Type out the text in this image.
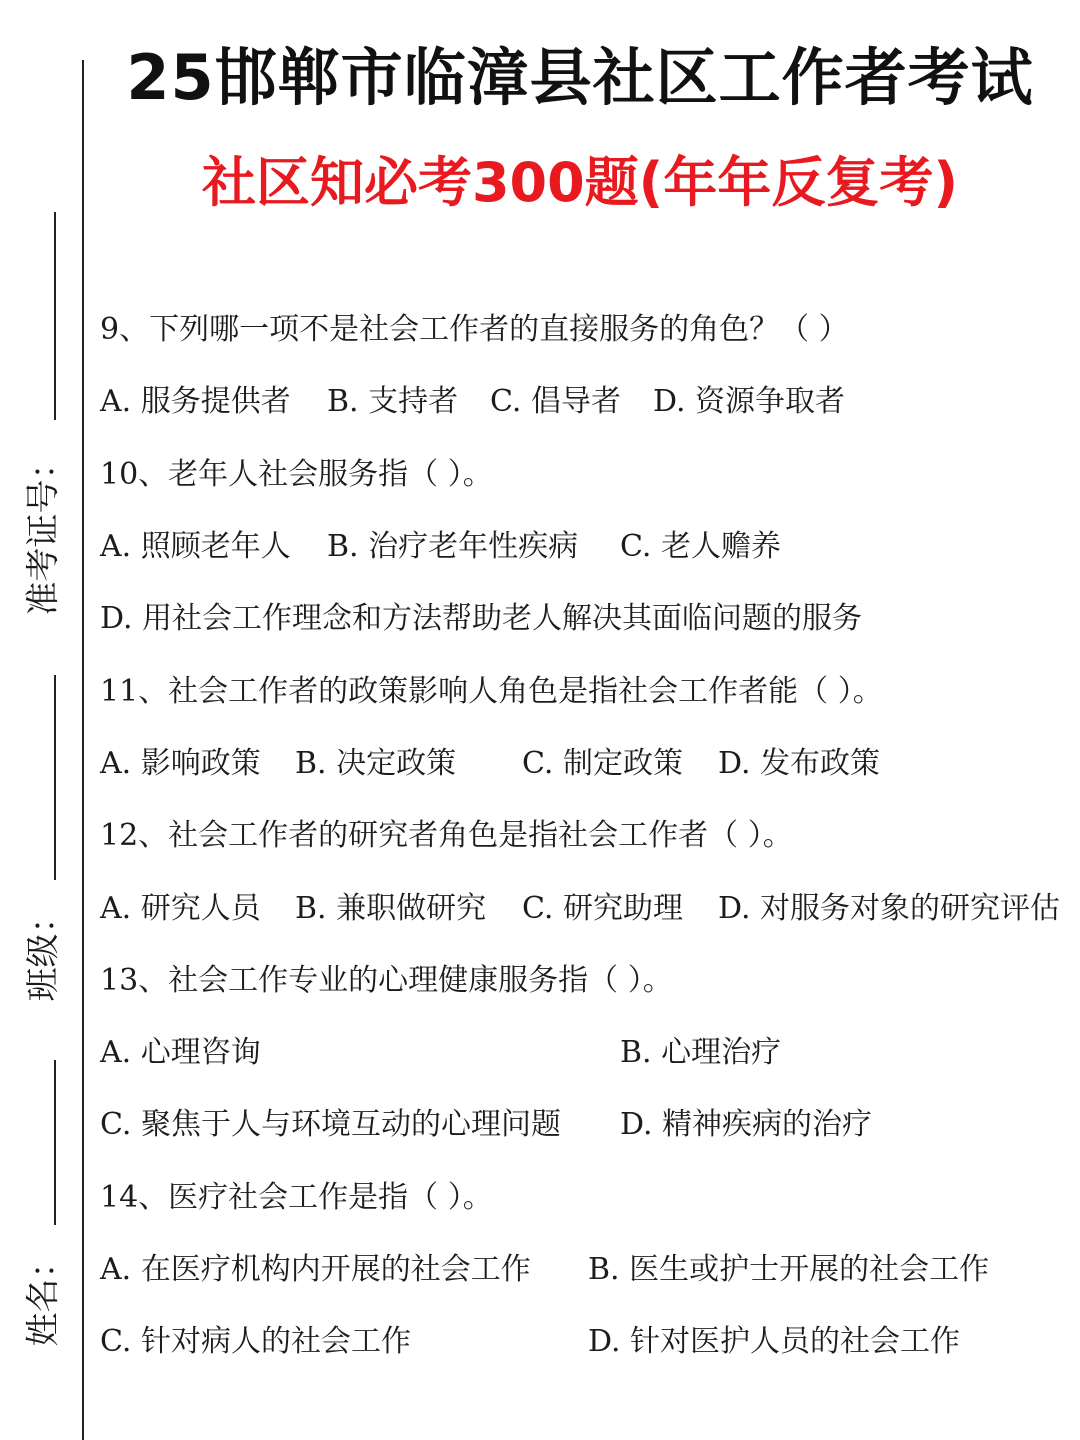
25邯郸市临漳县社区工作者考试
社区知必考300题(年年反复考)
准考证号：
班级：
姓名：
9、下列哪一项不是社会工作者的直接服务的角色？（ ）
A. 服务提供者 B. 支持者 C. 倡导者 D. 资源争取者
10、老年人社会服务指（ ）。
A. 照顾老年人 B. 治疗老年性疾病 C. 老人赡养
D. 用社会工作理念和方法帮助老人解决其面临问题的服务
11、社会工作者的政策影响人角色是指社会工作者能（ ）。
A. 影响政策 B. 决定政策 C. 制定政策 D. 发布政策
12、社会工作者的研究者角色是指社会工作者（ ）。
A. 研究人员 B. 兼职做研究 C. 研究助理 D. 对服务对象的研究评估
13、社会工作专业的心理健康服务指（ ）。
A. 心理咨询	B. 心理治疗
C. 聚焦于人与环境互动的心理问题 D. 精神疾病的治疗
14、医疗社会工作是指（ ）。
A. 在医疗机构内开展的社会工作 B. 医生或护士开展的社会工作
C. 针对病人的社会工作	D. 针对医护人员的社会工作
